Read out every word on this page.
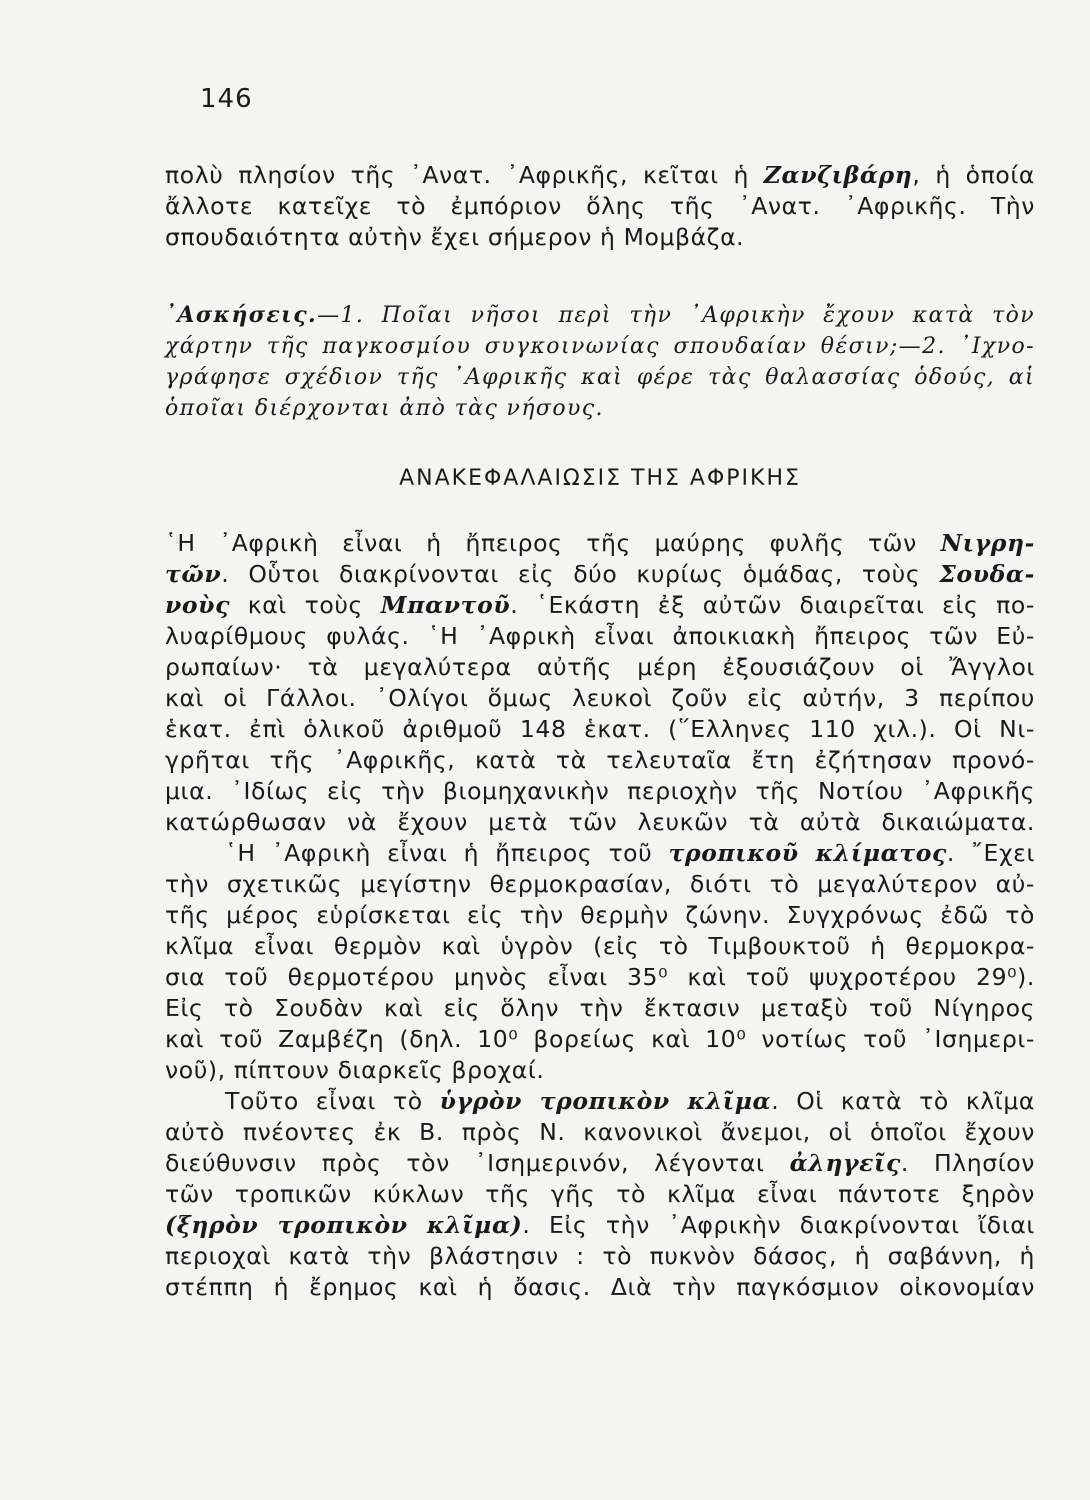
146
πολὺ πλησίον τῆς ᾿Ανατ. ᾿Αφρικῆς, κεῖται ἡ Ζανζιβάρη, ἡ ὁποία
ἄλλοτε κατεῖχε τὸ ἐμπόριον ὅλης τῆς ᾿Ανατ. ᾿Αφρικῆς. Τὴν
σπουδαιότητα αὐτὴν ἔχει σήμερον ἡ Μομβάζα.
᾿Ασκήσεις.—1. Ποῖαι νῆσοι περὶ τὴν ᾿Αφρικὴν ἔχουν κατὰ τὸν
χάρτην τῆς παγκοσμίου συγκοινωνίας σπουδαίαν θέσιν;—2. ᾿Ιχνο-
γράφησε σχέδιον τῆς ᾿Αφρικῆς καὶ φέρε τὰς θαλασσίας ὁδούς, αἱ
ὁποῖαι διέρχονται ἀπὸ τὰς νήσους.
ΑΝΑΚΕΦΑΛΑΙΩΣΙΣ ΤΗΣ ΑΦΡΙΚΗΣ
῾Η ᾿Αφρικὴ εἶναι ἡ ἤπειρος τῆς μαύρης φυλῆς τῶν Νιγρη-
τῶν. Οὗτοι διακρίνονται εἰς δύο κυρίως ὁμάδας, τοὺς Σουδα-
νοὺς καὶ τοὺς Μπαντοῦ. ῾Εκάστη ἐξ αὐτῶν διαιρεῖται εἰς πο-
λυαρίθμους φυλάς. ῾Η ᾿Αφρικὴ εἶναι ἀποικιακὴ ἤπειρος τῶν Εὐ-
ρωπαίων· τὰ μεγαλύτερα αὐτῆς μέρη ἐξουσιάζουν οἱ Ἄγγλοι
καὶ οἱ Γάλλοι. ᾿Ολίγοι ὅμως λευκοὶ ζοῦν εἰς αὐτήν, 3 περίπου
ἑκατ. ἐπὶ ὁλικοῦ ἀριθμοῦ 148 ἑκατ. (῞Ελληνες 110 χιλ.). Οἱ Νι-
γρῆται τῆς ᾿Αφρικῆς, κατὰ τὰ τελευταῖα ἔτη ἐζήτησαν προνό-
μια. ᾿Ιδίως εἰς τὴν βιομηχανικὴν περιοχὴν τῆς Νοτίου ᾿Αφρικῆς
κατώρθωσαν νὰ ἔχουν μετὰ τῶν λευκῶν τὰ αὐτὰ δικαιώματα.
῾Η ᾿Αφρικὴ εἶναι ἡ ἤπειρος τοῦ τροπικοῦ κλίματος. ῎Εχει
τὴν σχετικῶς μεγίστην θερμοκρασίαν, διότι τὸ μεγαλύτερον αὐ-
τῆς μέρος εὑρίσκεται εἰς τὴν θερμὴν ζώνην. Συγχρόνως ἐδῶ τὸ
κλῖμα εἶναι θερμὸν καὶ ὑγρὸν (εἰς τὸ Τιμβουκτοῦ ἡ θερμοκρα-
σια τοῦ θερμοτέρου μηνὸς εἶναι 35⁰ καὶ τοῦ ψυχροτέρου 29⁰).
Εἰς τὸ Σουδὰν καὶ εἰς ὅλην τὴν ἔκτασιν μεταξὺ τοῦ Νίγηρος
καὶ τοῦ Ζαμβέζη (δηλ. 10⁰ βορείως καὶ 10⁰ νοτίως τοῦ ᾿Ισημερι-
νοῦ), πίπτουν διαρκεῖς βροχαί.
Τοῦτο εἶναι τὸ ὑγρὸν τροπικὸν κλῖμα. Οἱ κατὰ τὸ κλῖμα
αὐτὸ πνέοντες ἐκ Β. πρὸς Ν. κανονικοὶ ἄνεμοι, οἱ ὁποῖοι ἔχουν
διεύθυνσιν πρὸς τὸν ᾿Ισημερινόν, λέγονται ἀληγεῖς. Πλησίον
τῶν τροπικῶν κύκλων τῆς γῆς τὸ κλῖμα εἶναι πάντοτε ξηρὸν
(ξηρὸν τροπικὸν κλῖμα). Εἰς τὴν ᾿Αφρικὴν διακρίνονται ἴδιαι
περιοχαὶ κατὰ τὴν βλάστησιν : τὸ πυκνὸν δάσος, ἡ σαβάννη, ἡ
στέππη ἡ ἔρημος καὶ ἡ ὄασις. Διὰ τὴν παγκόσμιον οἰκονομίαν
